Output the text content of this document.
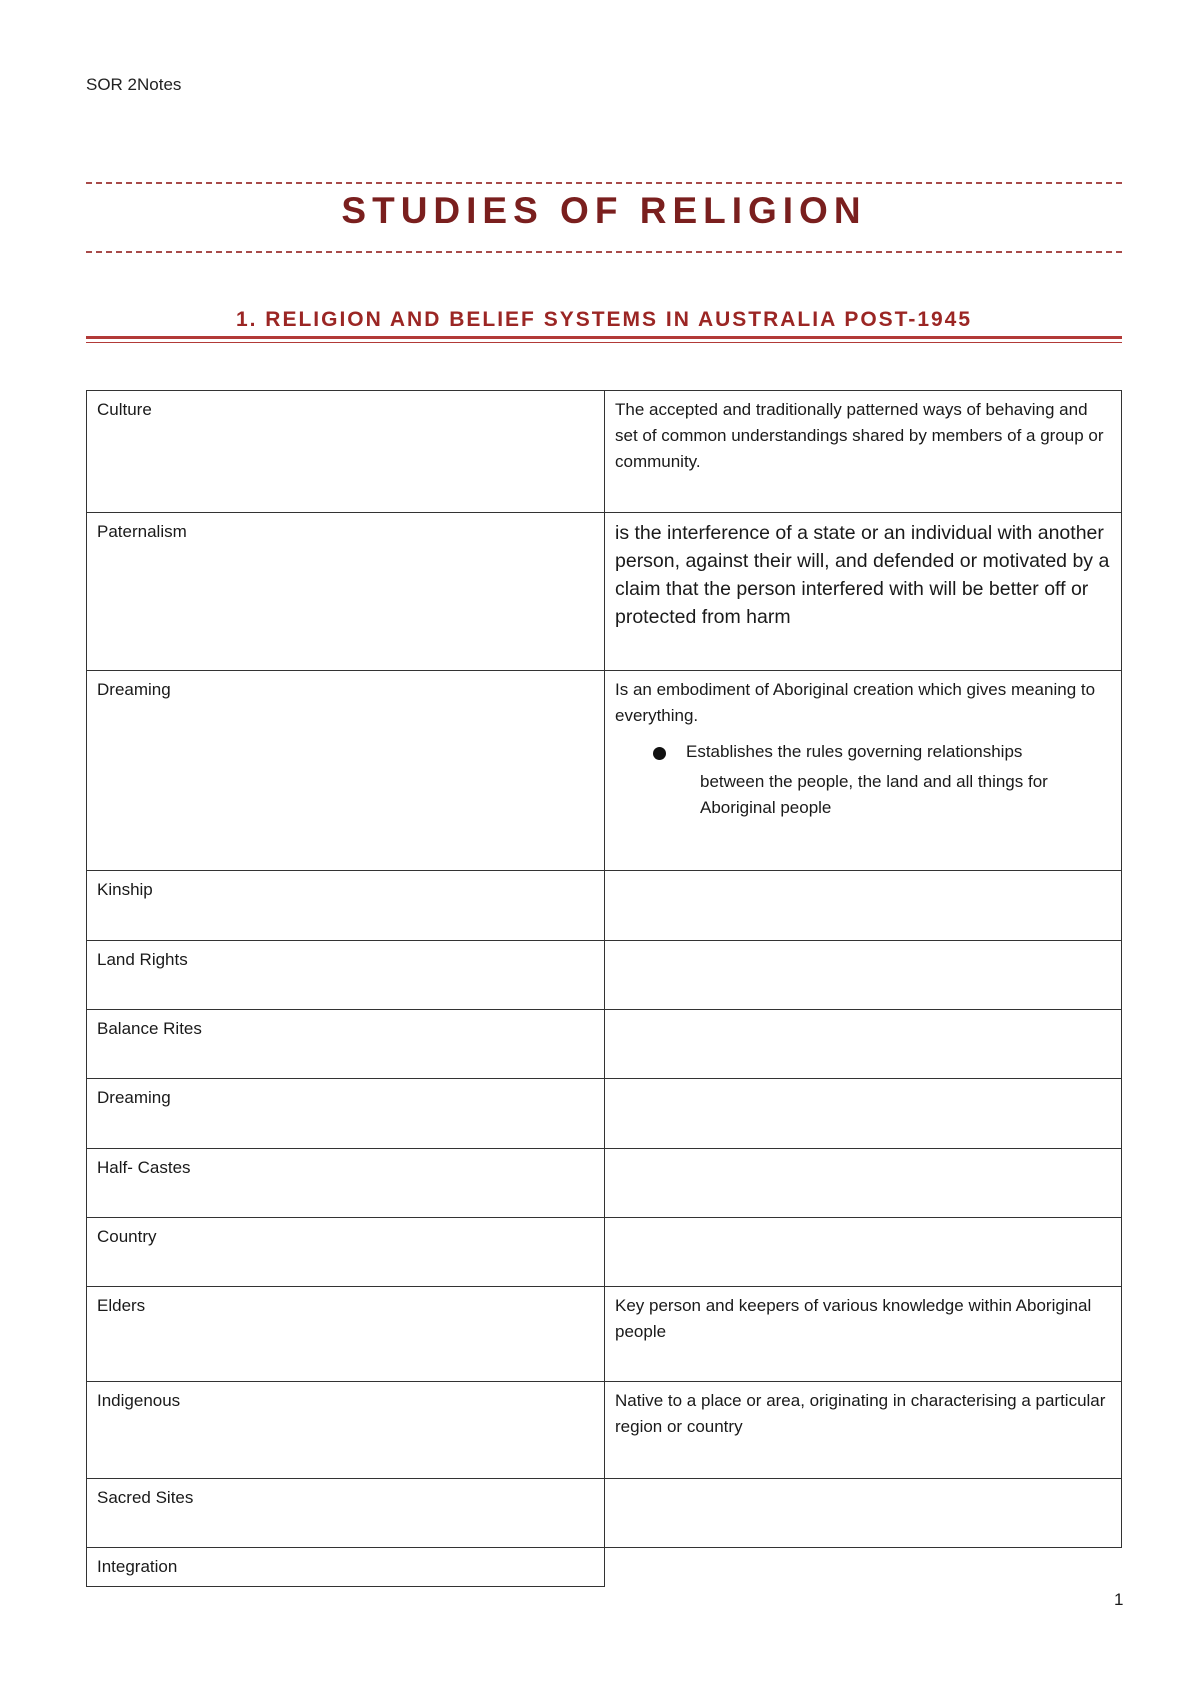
SOR 2Notes
STUDIES OF RELIGION
1. RELIGION AND BELIEF SYSTEMS IN AUSTRALIA POST-1945
Culture	The accepted and traditionally patterned ways of behaving and set of common understandings shared by members of a group or community.
Paternalism	is the interference of a state or an individual with another person, against their will, and defended or motivated by a claim that the person interfered with will be better off or protected from harm
Dreaming	Is an embodiment of Aboriginal creation which gives meaning to everything.
Establishes the rules governing relationships
between the people, the land and all things for Aboriginal people

Kinship	
Land Rights	
Balance Rites	
Dreaming	
Half- Castes	
Country	
Elders	Key person and keepers of various knowledge within Aboriginal people
Indigenous	Native to a place or area, originating in characterising a particular region or country
Sacred Sites	
Integration	
1
